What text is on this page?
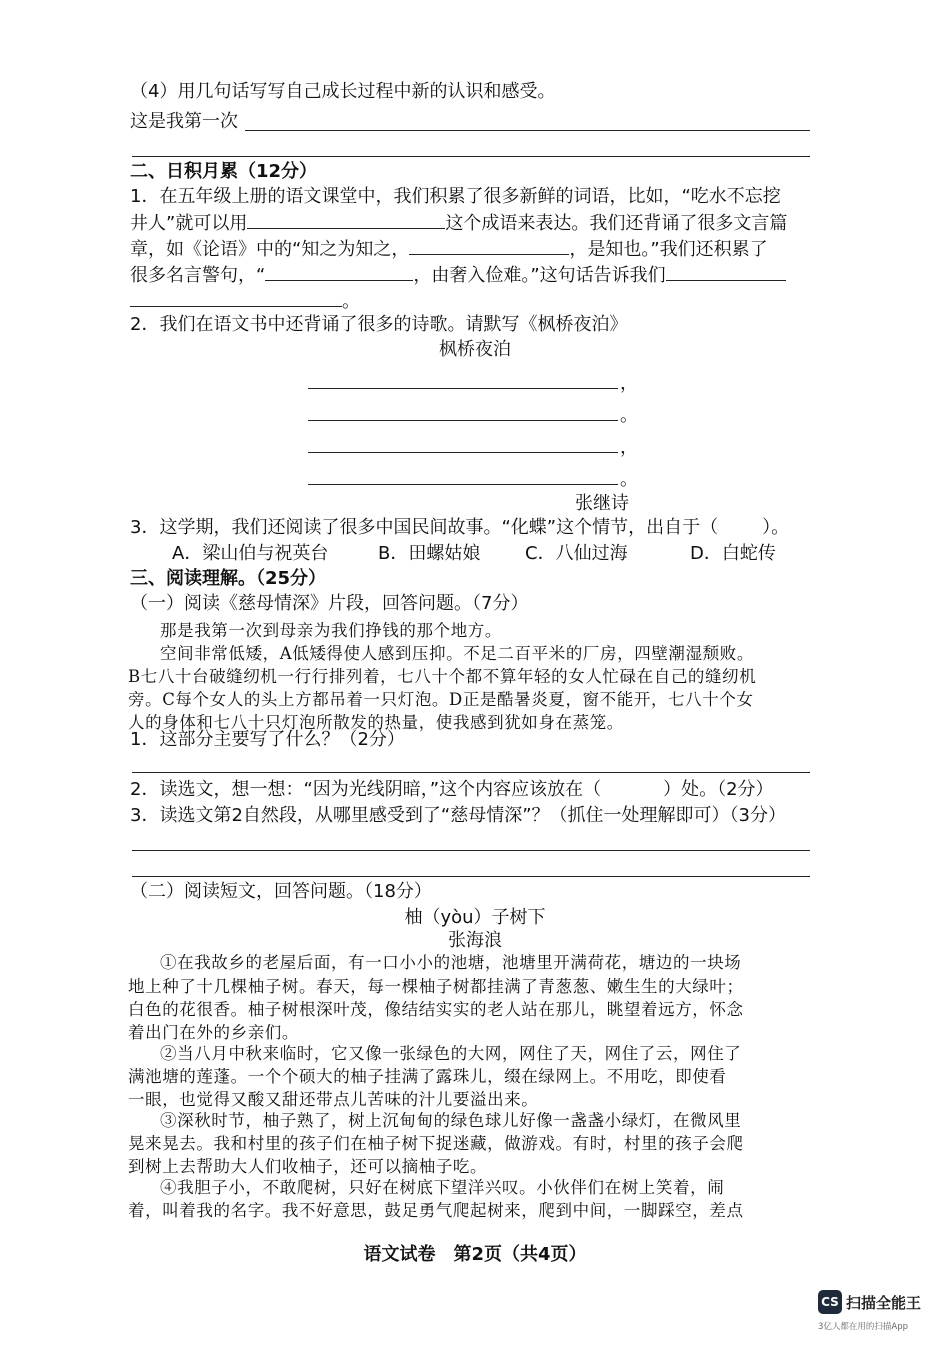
（4）用几句话写写自己成长过程中新的认识和感受。
这是我第一次
二、日积月累（12分）
1．在五年级上册的语文课堂中，我们积累了很多新鲜的词语，比如，“吃水不忘挖
井人”就可以用	这个成语来表达。我们还背诵了很多文言篇
章，如《论语》中的“知之为知之，	，是知也。”我们还积累了
很多名言警句，“	，由奢入俭难。”这句话告诉我们
。
2．我们在语文书中还背诵了很多的诗歌。请默写《枫桥夜泊》
枫桥夜泊
，
。
，
。
张继诗
3．这学期，我们还阅读了很多中国民间故事。“化蝶”这个情节，出自于（ ）。
A．梁山伯与祝英台	B．田螺姑娘 C．八仙过海	D．白蛇传
三、阅读理解。（25分）
（一）阅读《慈母情深》片段，回答问题。（7分）
那是我第一次到母亲为我们挣钱的那个地方。
空间非常低矮，A低矮得使人感到压抑。不足二百平米的厂房，四壁潮湿颓败。
B七八十台破缝纫机一行行排列着，七八十个都不算年轻的女人忙碌在自己的缝纫机
旁。C每个女人的头上方都吊着一只灯泡。D正是酷暑炎夏，窗不能开，七八十个女
人的身体和七八十只灯泡所散发的热量，使我感到犹如身在蒸笼。
1．这部分主要写了什么？（2分）
2．读选文，想一想：“因为光线阴暗，”这个内容应该放在（	）处。（2分）
3．读选文第2自然段，从哪里感受到了“慈母情深”？（抓住一处理解即可）（3分）
（二）阅读短文，回答问题。（18分）
柚（yòu）子树下
张海浪
①在我故乡的老屋后面，有一口小小的池塘，池塘里开满荷花，塘边的一块场
地上种了十几棵柚子树。春天，每一棵柚子树都挂满了青葱葱、嫩生生的大绿叶；
白色的花很香。柚子树根深叶茂，像结结实实的老人站在那儿，眺望着远方，怀念
着出门在外的乡亲们。
②当八月中秋来临时，它又像一张绿色的大网，网住了天，网住了云，网住了
满池塘的莲蓬。一个个硕大的柚子挂满了露珠儿，缀在绿网上。不用吃，即使看
一眼，也觉得又酸又甜还带点儿苦味的汁儿要溢出来。
③深秋时节，柚子熟了，树上沉甸甸的绿色球儿好像一盏盏小绿灯，在微风里
晃来晃去。我和村里的孩子们在柚子树下捉迷藏，做游戏。有时，村里的孩子会爬
到树上去帮助大人们收柚子，还可以摘柚子吃。
④我胆子小，不敢爬树，只好在树底下望洋兴叹。小伙伴们在树上笑着，闹
着，叫着我的名字。我不好意思，鼓足勇气爬起树来，爬到中间，一脚踩空，差点
语文试卷　第2页（共4页）
CS 扫描全能王
3亿人都在用的扫描App
